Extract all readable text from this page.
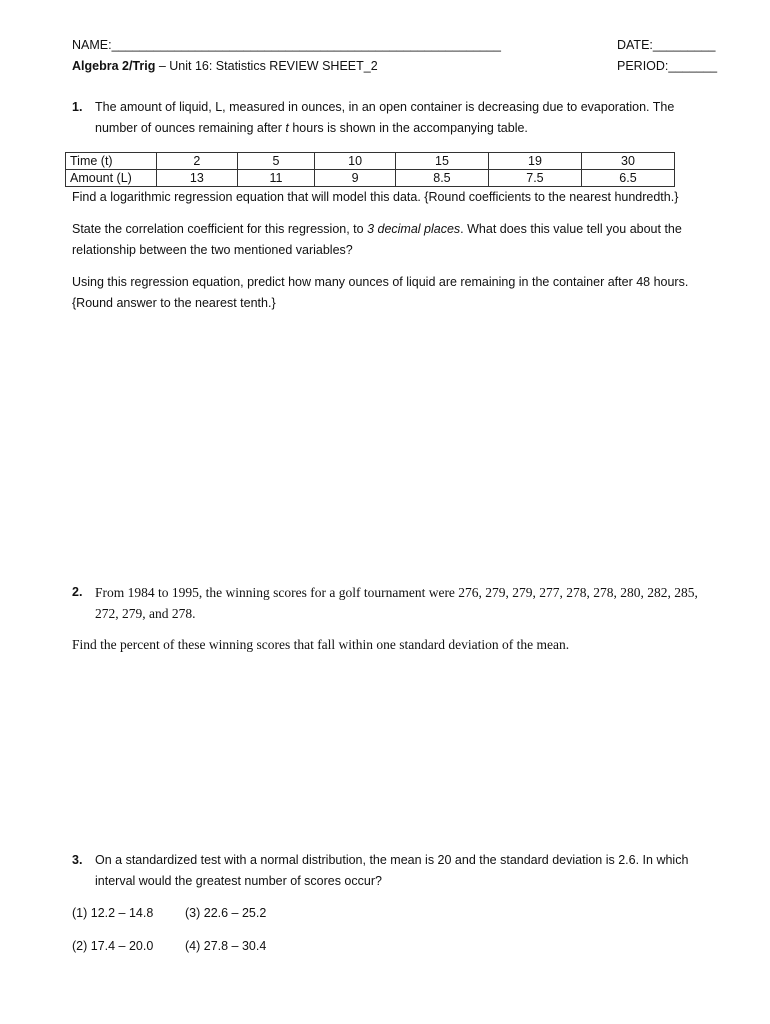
NAME:________________________________________________________	DATE:_________
Algebra 2/Trig – Unit 16: Statistics REVIEW SHEET_2	PERIOD:_______
1. The amount of liquid, L, measured in ounces, in an open container is decreasing due to evaporation. The
number of ounces remaining after t hours is shown in the accompanying table.
Time (t)	2	5	10	15	19	30
Amount (L)	13	11	9	8.5	7.5	6.5
Find a logarithmic regression equation that will model this data. {Round coefficients to the nearest hundredth.}
State the correlation coefficient for this regression, to 3 decimal places. What does this value tell you about the
relationship between the two mentioned variables?
Using this regression equation, predict how many ounces of liquid are remaining in the container after 48 hours.
{Round answer to the nearest tenth.}
2. From 1984 to 1995, the winning scores for a golf tournament were 276, 279, 279, 277, 278, 278, 280, 282, 285,
272, 279, and 278.
Find the percent of these winning scores that fall within one standard deviation of the mean.
3. On a standardized test with a normal distribution, the mean is 20 and the standard deviation is 2.6. In which
interval would the greatest number of scores occur?
(1) 12.2 – 14.8	(3) 22.6 – 25.2
(2) 17.4 – 20.0	(4) 27.8 – 30.4
